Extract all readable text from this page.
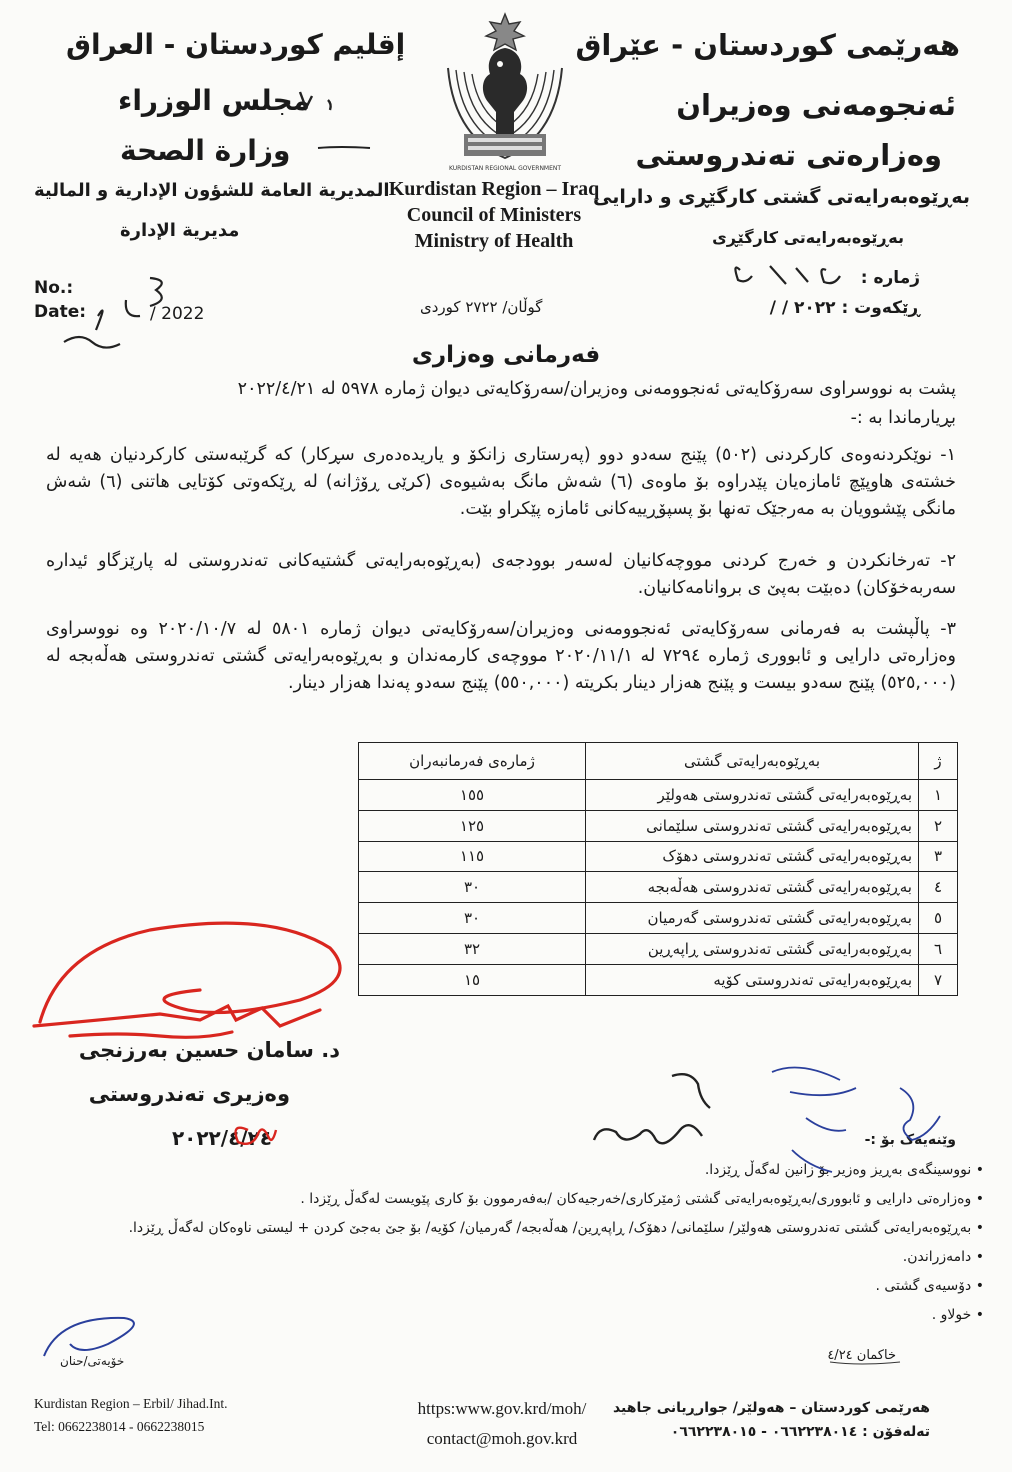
هەرێمی کوردستان - عێراق
ئەنجومەنی وەزیران
وەزارەتی تەندروستی
بەڕێوەبەرایەتی گشتی کارگێڕی و دارایی
بەڕێوەبەرایەتی کارگێڕی
إقليم كوردستان - العراق
مجلس الوزراء
وزارة الصحة
المديرية العامة للشؤون الإدارية و المالية
مديرية الإدارة
KURDISTAN REGIONAL GOVERNMENT
Kurdistan Region – Iraq
Council of Ministers
Ministry of Health
ژمارە :
ڕێکەوت : ٢٠٢٢ / /
گوڵان/ ٢٧٢٢ کوردی
No.:
Date:	/ 2022
فەرمانی وەزاری
پشت بە نووسراوی سەرۆکایەتی ئەنجوومەنی وەزیران/سەرۆکایەتی دیوان ژمارە ٥٩٧٨ لە ٢٠٢٢/٤/٢١
بڕیارماندا بە :-
١- نوێکردنەوەی کارکردنی (٥٠٢) پێنج سەدو دوو (پەرستاری زانکۆ و یاریدەدەری سڕکار) کە گرێبەستی کارکردنیان هەیە لە خشتەی هاوپێچ ئامازەیان پێدراوە بۆ ماوەی (٦) شەش مانگ بەشیوەی (کرێی ڕۆژانە) لە ڕێکەوتی کۆتایی هاتنی (٦) شەش مانگی پێشوویان بە مەرجێک تەنها بۆ پسپۆڕییەکانی ئامازە پێکراو بێت.
٢- تەرخانکردن و خەرج کردنی مووچەکانیان لەسەر بوودجەی (بەڕێوەبەرایەتی گشتیەکانی تەندروستی لە پارێزگاو ئیدارە سەربەخۆکان) دەبێت بەپێ ی بروانامەکانیان.
٣- پاڵپشت بە فەرمانی سەرۆکایەتی ئەنجوومەنی وەزیران/سەرۆکایەتی دیوان ژمارە ٥٨٠١ لە ٢٠٢٠/١٠/٧ وە نووسراوی وەزارەتی دارایی و ئابووری ژمارە ٧٢٩٤ لە ٢٠٢٠/١١/١ مووچەی کارمەندان و بەڕێوەبەرایەتی گشتی تەندروستی هەڵەبجە لە (٥٢٥,٠٠٠) پێنج سەدو بیست و پێنج هەزار دینار بکریتە (٥٥٠,٠٠٠) پێنج سەدو پەندا هەزار دینار.
ژ	بەڕێوەبەرایەتی گشتی	ژمارەی فەرمانبەران
١	بەڕێوەبەرایەتی گشتی تەندروستی هەولێر	١٥٥
٢	بەڕێوەبەرایەتی گشتی تەندروستی سلێمانی	١٢٥
٣	بەڕێوەبەرایەتی گشتی تەندروستی دهۆک	١١٥
٤	بەڕێوەبەرایەتی گشتی تەندروستی هەڵەبجە	٣٠
٥	بەڕێوەبەرایەتی گشتی تەندروستی گەرمیان	٣٠
٦	بەڕێوەبەرایەتی گشتی تەندروستی ڕاپەڕین	٣٢
٧	بەڕێوەبەرایەتی تەندروستی کۆیە	١٥
د. سامان حسین بەرزنجی
وەزیری تەندروستی
٢٠٢٢/٤/٢٤	وێنەیەک بۆ :-
• نووسینگەی بەڕیز وەزیر بۆ زانین لەگەڵ ڕێزدا.
• وەزارەتی دارایی و ئابووری/بەڕێوەبەرایەتی گشتی ژمێرکاری/خەرجیەکان /بەفەرموون بۆ کاری پێویست لەگەڵ ڕێزدا .
• بەڕێوەبەرایەتی گشتی تەندروستی هەولێر/ سلێمانی/ دهۆک/ ڕاپەڕین/ هەڵەبجە/ گەرمیان/ کۆیە/ بۆ جێ بەجێ کردن + لیستی ناوەکان لەگەڵ ڕێزدا.
• دامەزراندن.
• دۆسیەی گشتی .
• خولاو .
خاکمان ٤/٢٤
خۆیەتی/حنان
Kurdistan Region – Erbil/ Jihad.Int.
Tel: 0662238014 - 0662238015
https:www.gov.krd/moh/
contact@moh.gov.krd
هەرێمی کوردستان – هەولێر/ جوارڕیانی جاهید
تەلەفۆن : ٠٦٦٢٢٣٨٠١٤ - ٠٦٦٢٢٣٨٠١٥
